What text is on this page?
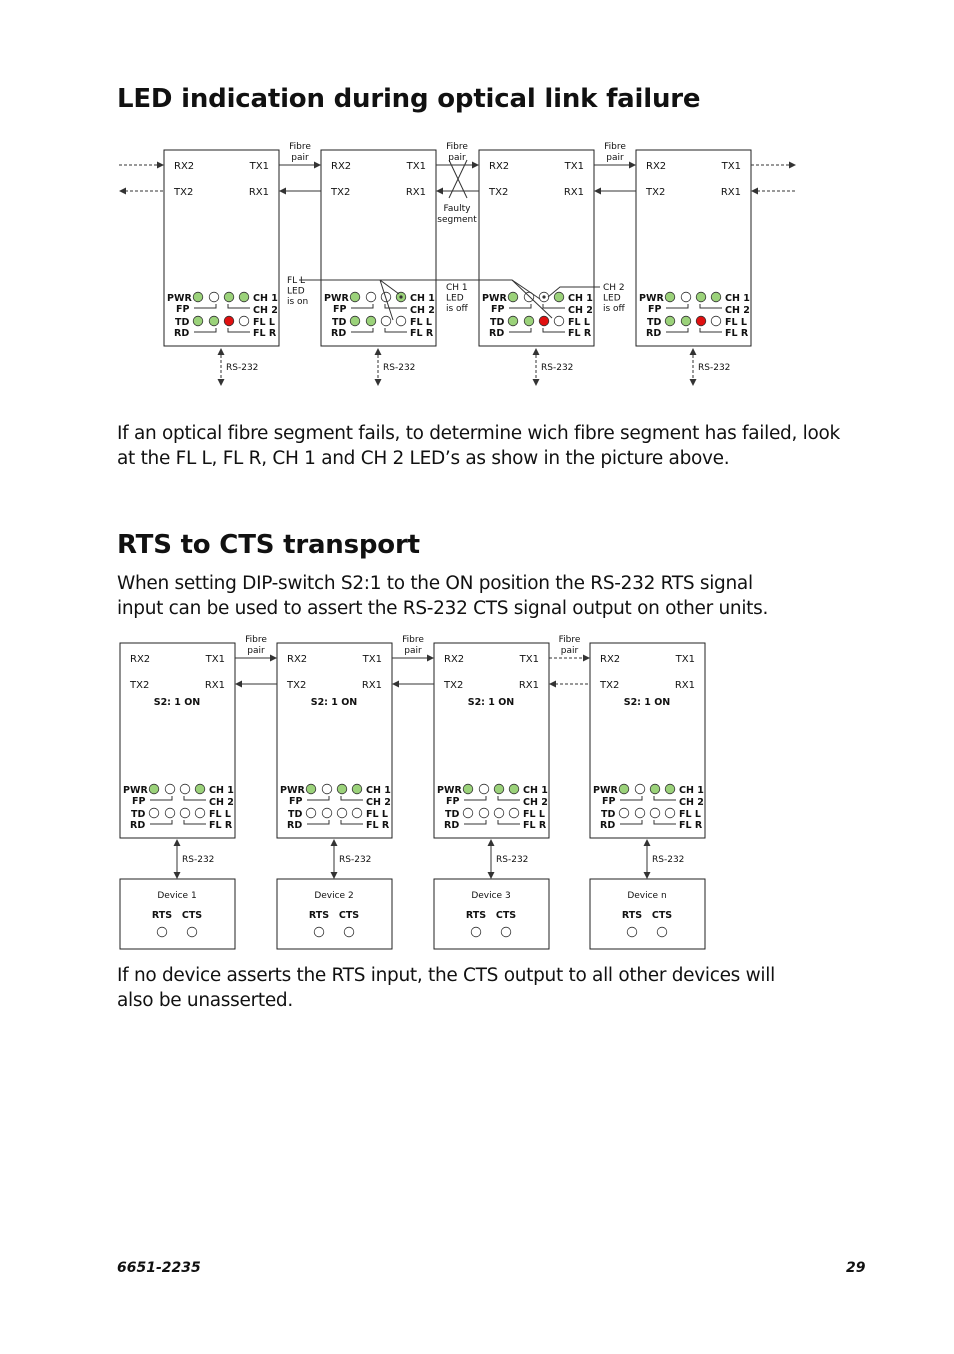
LED indication during optical link failure
RX2	TX1
TX2	RX1
PWR
FP
TD
RD
CH 1
CH 2
FL L
FL R
RS-232
RX2	TX1
TX2	RX1
PWR
FP
TD
RD
CH 1
CH 2
FL L
FL R
RS-232
RX2	TX1
TX2	RX1
PWR
FP
TD
RD
CH 1
CH 2
FL L
FL R
RS-232
RX2	TX1
TX2	RX1
PWR
FP
TD
RD
CH 1
CH 2
FL L
FL R
RS-232
Fibre
pair
Fibre
pair
Fibre
pair
Faulty
segment
FL L
LED
is on
CH 1
LED
is off
CH 2
LED
is off

If an optical fibre segment fails, to determine wich fibre segment has failed, look at the FL L, FL R, CH 1 and CH 2 LED’s as show in the picture above.

RTS to CTS transport

When setting DIP-switch S2:1 to the ON position the RS-232 RTS signal input can be used to assert the RS-232 CTS signal output on other units.

RX2	TX1
TX2	RX1
S2: 1 ON
PWR
FP
TD
RD
CH 1
CH 2
FL L
FL R
RS-232
Device 1
RTS CTS
RX2	TX1
TX2	RX1
S2: 1 ON
PWR
FP
TD
RD
CH 1
CH 2
FL L
FL R
RS-232
Device 2
RTS CTS
RX2	TX1
TX2	RX1
S2: 1 ON
PWR
FP
TD
RD
CH 1
CH 2
FL L
FL R
RS-232
Device 3
RTS CTS
RX2	TX1
TX2	RX1
S2: 1 ON
PWR
FP
TD
RD
CH 1
CH 2
FL L
FL R
RS-232
Device n
RTS CTS
Fibre
pair
Fibre
pair
Fibre
pair

If no device asserts the RTS input, the CTS output to all other devices will also be unasserted.

6651-2235	29
